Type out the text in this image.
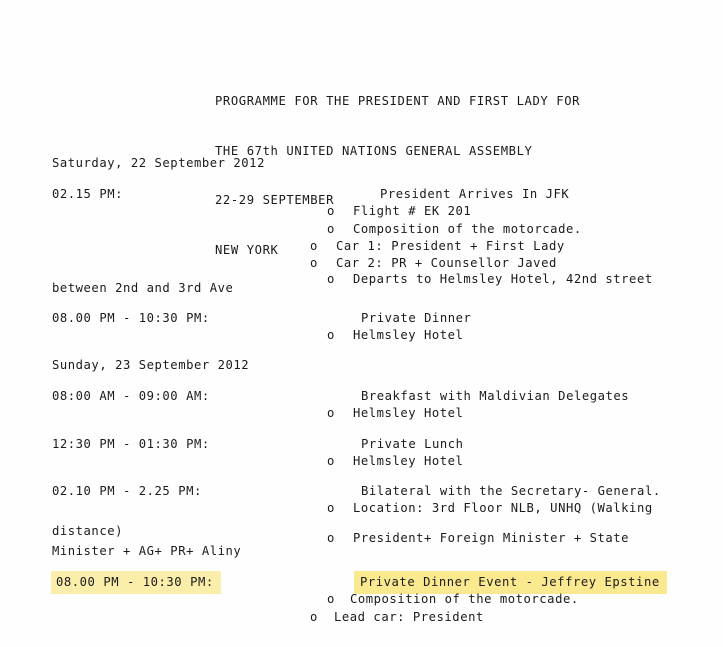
PROGRAMME FOR THE PRESIDENT AND FIRST LADY FOR

THE 67th UNITED NATIONS GENERAL ASSEMBLY

22-29 SEPTEMBER

NEW YORK

Saturday, 22 September 2012
02.15 PM:	President Arrives In JFK
o Flight # EK 201
o Composition of the motorcade.
o Car 1: President + First Lady
o Car 2: PR + Counsellor Javed
o Departs to Helmsley Hotel, 42nd street
between 2nd and 3rd Ave
08.00 PM - 10:30 PM:	Private Dinner
o Helmsley Hotel
Sunday, 23 September 2012
08:00 AM - 09:00 AM:	Breakfast with Maldivian Delegates
o Helmsley Hotel
12:30 PM - 01:30 PM:	Private Lunch
o Helmsley Hotel
02.10 PM - 2.25 PM:	Bilateral with the Secretary- General.
o Location: 3rd Floor NLB, UNHQ (Walking
distance)	o President+ Foreign Minister + State
Minister + AG+ PR+ Aliny
08.00 PM - 10:30 PM:	Private Dinner Event - Jeffrey Epstine
o Composition of the motorcade.
o Lead car: President
